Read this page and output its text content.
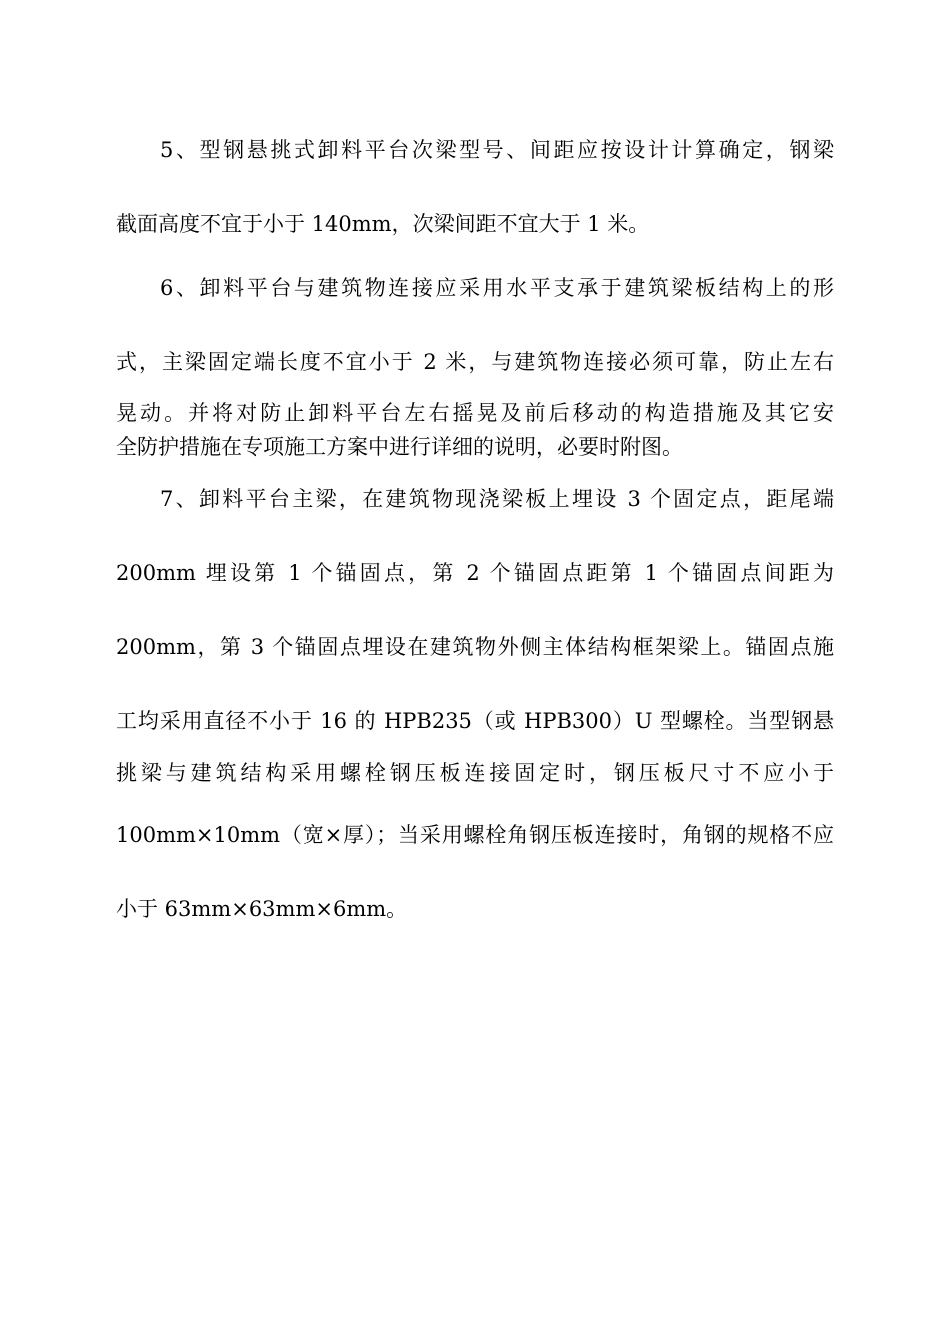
5、型钢悬挑式卸料平台次梁型号、间距应按设计计算确定，钢梁
截面高度不宜于小于 140mm，次梁间距不宜大于 1 米。
6、卸料平台与建筑物连接应采用水平支承于建筑梁板结构上的形
式，主梁固定端长度不宜小于 2 米，与建筑物连接必须可靠，防止左右
晃动。并将对防止卸料平台左右摇晃及前后移动的构造措施及其它安
全防护措施在专项施工方案中进行详细的说明，必要时附图。
7、卸料平台主梁，在建筑物现浇梁板上埋设 3 个固定点，距尾端
200mm 埋设第 1 个锚固点，第 2 个锚固点距第 1 个锚固点间距为
200mm，第 3 个锚固点埋设在建筑物外侧主体结构框架梁上。锚固点施
工均采用直径不小于 16 的 HPB235（或 HPB300）U 型螺栓。当型钢悬
挑梁与建筑结构采用螺栓钢压板连接固定时，钢压板尺寸不应小于
100mm×10mm（宽×厚）；当采用螺栓角钢压板连接时，角钢的规格不应
小于 63mm×63mm×6mm。
